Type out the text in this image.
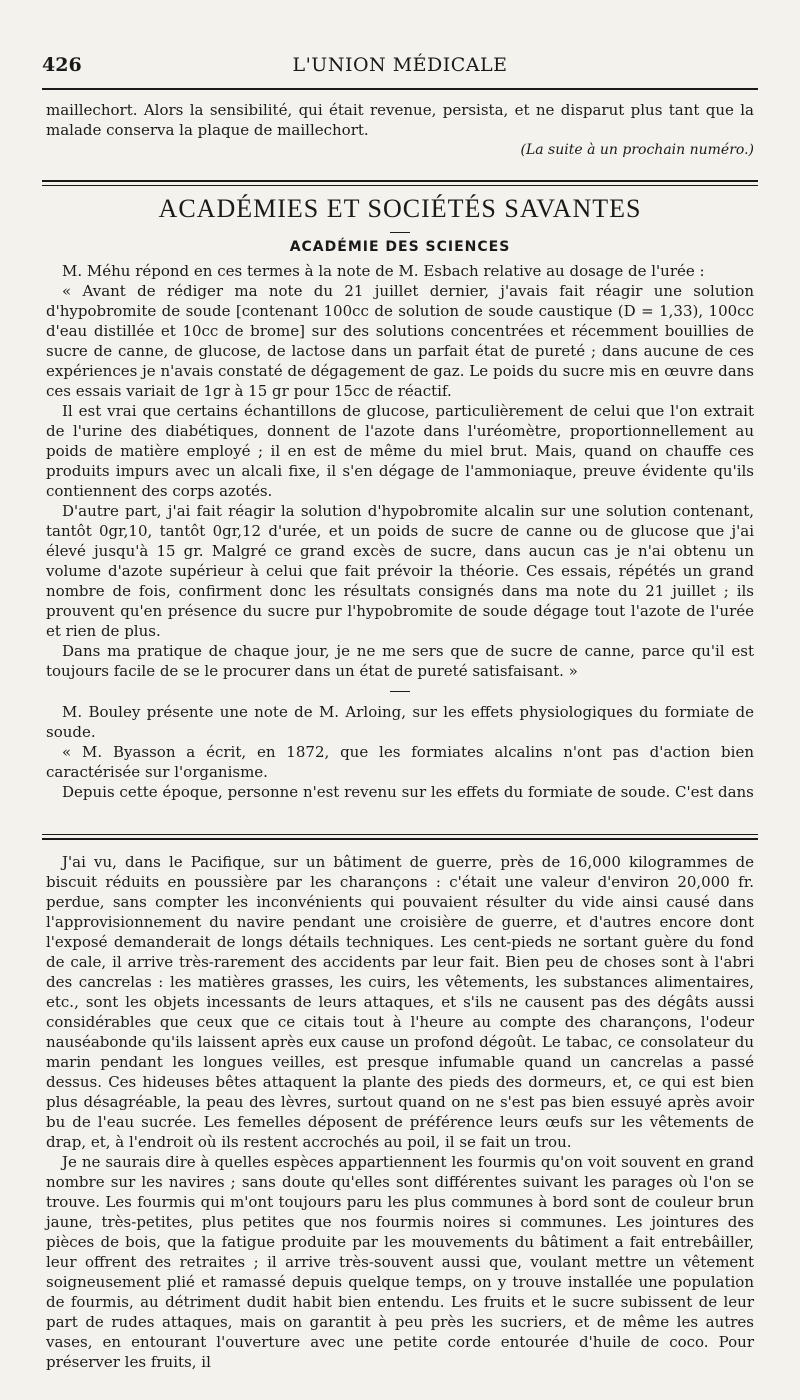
426	L'UNION MÉDICALE

maillechort. Alors la sensibilité, qui était revenue, persista, et ne disparut plus tant que la malade conserva la plaque de maillechort.

(La suite à un prochain numéro.)

ACADÉMIES ET SOCIÉTÉS SAVANTES

ACADÉMIE DES SCIENCES

M. Méhu répond en ces termes à la note de M. Esbach relative au dosage de l'urée :

« Avant de rédiger ma note du 21 juillet dernier, j'avais fait réagir une solution d'hypobromite de soude [contenant 100cc de solution de soude caustique (D = 1,33), 100cc d'eau distillée et 10cc de brome] sur des solutions concentrées et récemment bouillies de sucre de canne, de glucose, de lactose dans un parfait état de pureté ; dans aucune de ces expériences je n'avais constaté de dégagement de gaz. Le poids du sucre mis en œuvre dans ces essais variait de 1gr à 15 gr pour 15cc de réactif.

Il est vrai que certains échantillons de glucose, particulièrement de celui que l'on extrait de l'urine des diabétiques, donnent de l'azote dans l'uréomètre, proportionnellement au poids de matière employé ; il en est de même du miel brut. Mais, quand on chauffe ces produits impurs avec un alcali fixe, il s'en dégage de l'ammoniaque, preuve évidente qu'ils contiennent des corps azotés.

D'autre part, j'ai fait réagir la solution d'hypobromite alcalin sur une solution contenant, tantôt 0gr,10, tantôt 0gr,12 d'urée, et un poids de sucre de canne ou de glucose que j'ai élevé jusqu'à 15 gr. Malgré ce grand excès de sucre, dans aucun cas je n'ai obtenu un volume d'azote supérieur à celui que fait prévoir la théorie. Ces essais, répétés un grand nombre de fois, confirment donc les résultats consignés dans ma note du 21 juillet ; ils prouvent qu'en présence du sucre pur l'hypobromite de soude dégage tout l'azote de l'urée et rien de plus.

Dans ma pratique de chaque jour, je ne me sers que de sucre de canne, parce qu'il est toujours facile de se le procurer dans un état de pureté satisfaisant. »

M. Bouley présente une note de M. Arloing, sur les effets physiologiques du formiate de soude.

« M. Byasson a écrit, en 1872, que les formiates alcalins n'ont pas d'action bien caractérisée sur l'organisme.

Depuis cette époque, personne n'est revenu sur les effets du formiate de soude. C'est dans

J'ai vu, dans le Pacifique, sur un bâtiment de guerre, près de 16,000 kilogrammes de biscuit réduits en poussière par les charançons : c'était une valeur d'environ 20,000 fr. perdue, sans compter les inconvénients qui pouvaient résulter du vide ainsi causé dans l'approvisionnement du navire pendant une croisière de guerre, et d'autres encore dont l'exposé demanderait de longs détails techniques. Les cent-pieds ne sortant guère du fond de cale, il arrive très-rarement des accidents par leur fait. Bien peu de choses sont à l'abri des cancrelas : les matières grasses, les cuirs, les vêtements, les substances alimentaires, etc., sont les objets incessants de leurs attaques, et s'ils ne causent pas des dégâts aussi considérables que ceux que ce citais tout à l'heure au compte des charançons, l'odeur nauséabonde qu'ils laissent après eux cause un profond dégoût. Le tabac, ce consolateur du marin pendant les longues veilles, est presque infumable quand un cancrelas a passé dessus. Ces hideuses bêtes attaquent la plante des pieds des dormeurs, et, ce qui est bien plus désagréable, la peau des lèvres, surtout quand on ne s'est pas bien essuyé après avoir bu de l'eau sucrée. Les femelles déposent de préférence leurs œufs sur les vêtements de drap, et, à l'endroit où ils restent accrochés au poil, il se fait un trou.

Je ne saurais dire à quelles espèces appartiennent les fourmis qu'on voit souvent en grand nombre sur les navires ; sans doute qu'elles sont différentes suivant les parages où l'on se trouve. Les fourmis qui m'ont toujours paru les plus communes à bord sont de couleur brun jaune, très-petites, plus petites que nos fourmis noires si communes. Les jointures des pièces de bois, que la fatigue produite par les mouvements du bâtiment a fait entrebâiller, leur offrent des retraites ; il arrive très-souvent aussi que, voulant mettre un vêtement soigneusement plié et ramassé depuis quelque temps, on y trouve installée une population de fourmis, au détriment dudit habit bien entendu. Les fruits et le sucre subissent de leur part de rudes attaques, mais on garantit à peu près les sucriers, et de même les autres vases, en entourant l'ouverture avec une petite corde entourée d'huile de coco. Pour préserver les fruits, il
